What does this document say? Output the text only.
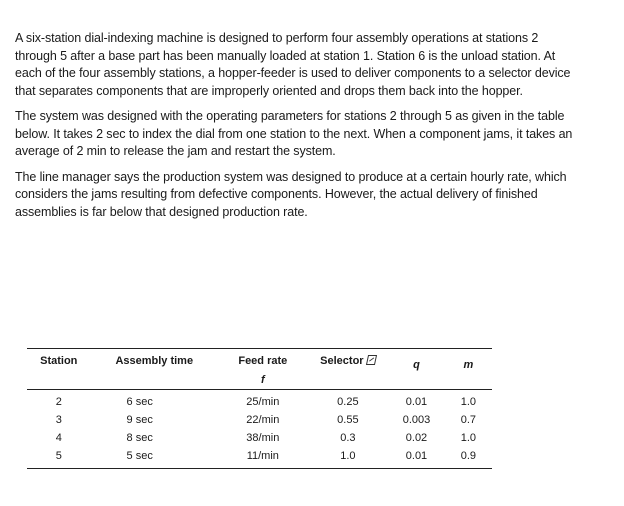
A six-station dial-indexing machine is designed to perform four assembly operations at stations 2 through 5 after a base part has been manually loaded at station 1. Station 6 is the unload station. At each of the four assembly stations, a hopper-feeder is used to deliver components to a selector device that separates components that are improperly oriented and drops them back into the hopper.

The system was designed with the operating parameters for stations 2 through 5 as given in the table below. It takes 2 sec to index the dial from one station to the next. When a component jams, it takes an average of 2 min to release the jam and restart the system.

The line manager says the production system was designed to produce at a certain hourly rate, which considers the jams resulting from defective components. However, the actual delivery of finished assemblies is far below that designed production rate.

Station	Assembly time	Feed rate	Selector	q	m
		f			
2	6 sec	25/min	0.25	0.01	1.0
3	9 sec	22/min	0.55	0.003	0.7
4	8 sec	38/min	0.3	0.02	1.0
5	5 sec	11/min	1.0	0.01	0.9
